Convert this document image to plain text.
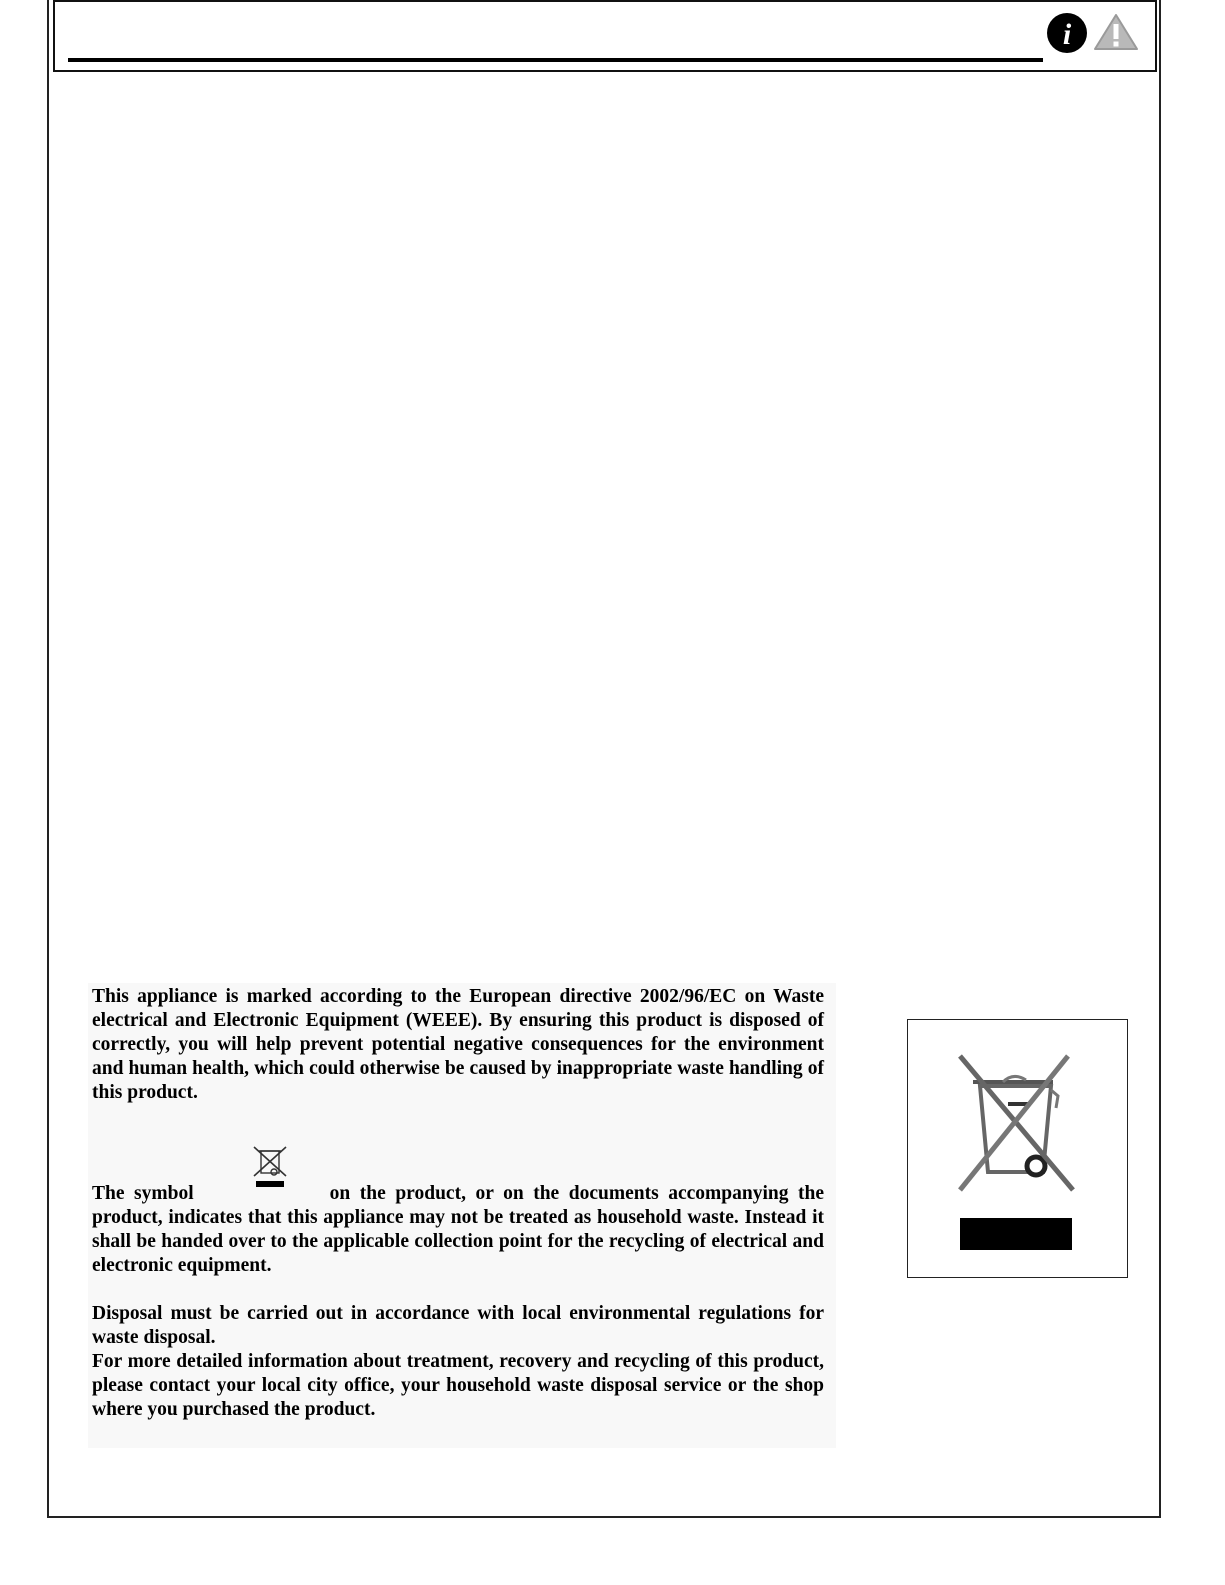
i

This appliance is marked according to the European directive 2002/96/EC on Waste electrical and Electronic Equipment (WEEE). By ensuring this product is disposed of correctly, you will help prevent potential negative consequences for the environment and human health, which could otherwise be caused by inappropriate waste handling of this product.

The symbol	on the product, or on the documents accompanying the product, indicates that this appliance may not be treated as household waste. Instead it shall be handed over to the applicable collection point for the recycling of electrical and electronic equipment.

Disposal must be carried out in accordance with local environmental regulations for waste disposal.
For more detailed information about treatment, recovery and recycling of this product, please contact your local city office, your household waste disposal service or the shop where you purchased the product.
